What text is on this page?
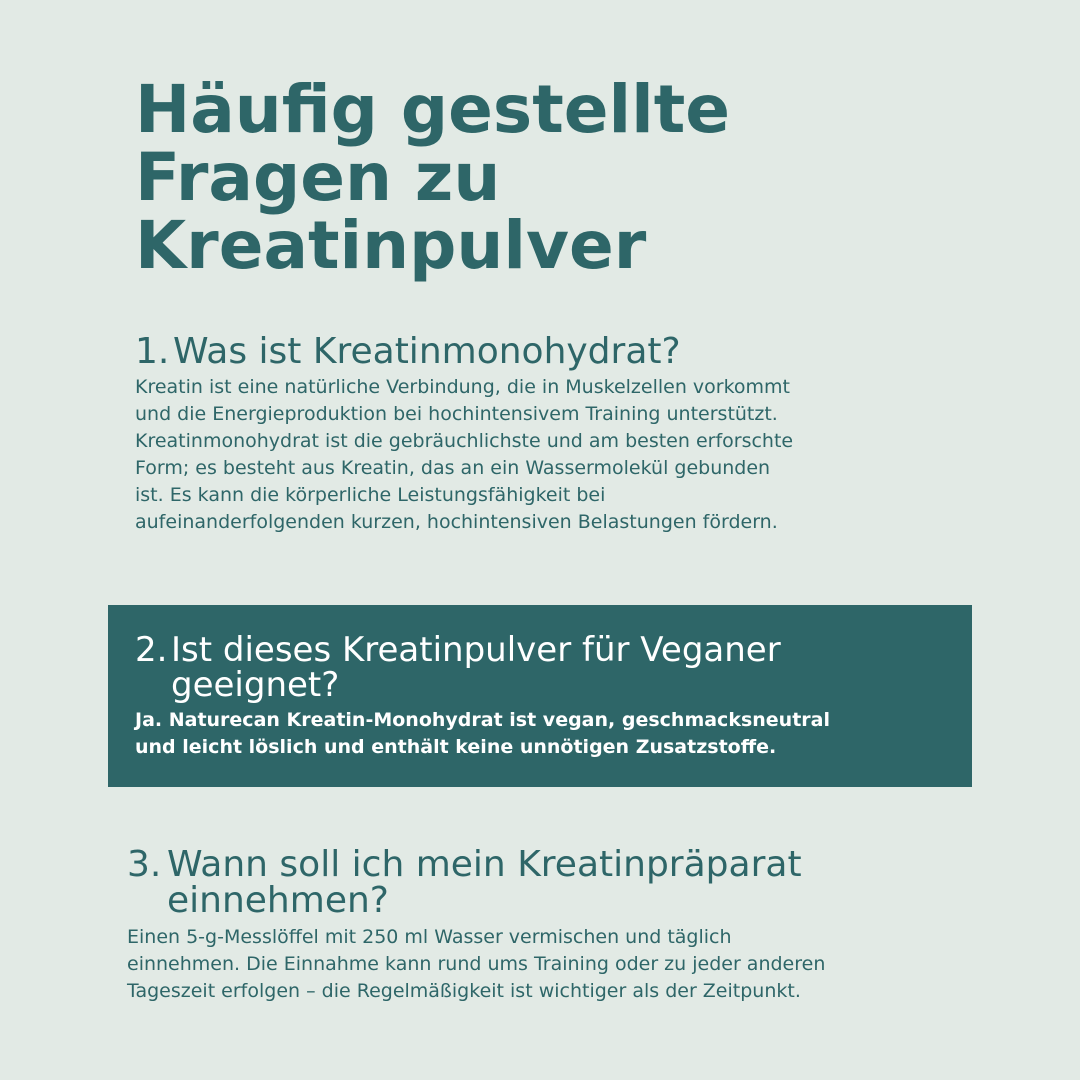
Häufig gestellte
Fragen zu
Kreatinpulver
1. Was ist Kreatinmonohydrat?

Kreatin ist eine natürliche Verbindung, die in Muskelzellen vorkommt
und die Energieproduktion bei hochintensivem Training unterstützt.
Kreatinmonohydrat ist die gebräuchlichste und am besten erforschte
Form; es besteht aus Kreatin, das an ein Wassermolekül gebunden
ist. Es kann die körperliche Leistungsfähigkeit bei
aufeinanderfolgenden kurzen, hochintensiven Belastungen fördern.

2. Ist dieses Kreatinpulver für Veganer
geeignet?

Ja. Naturecan Kreatin-Monohydrat ist vegan, geschmacksneutral
und leicht löslich und enthält keine unnötigen Zusatzstoffe.

3. Wann soll ich mein Kreatinpräparat
einnehmen?

Einen 5-g-Messlöffel mit 250 ml Wasser vermischen und täglich
einnehmen. Die Einnahme kann rund ums Training oder zu jeder anderen
Tageszeit erfolgen – die Regelmäßigkeit ist wichtiger als der Zeitpunkt.
